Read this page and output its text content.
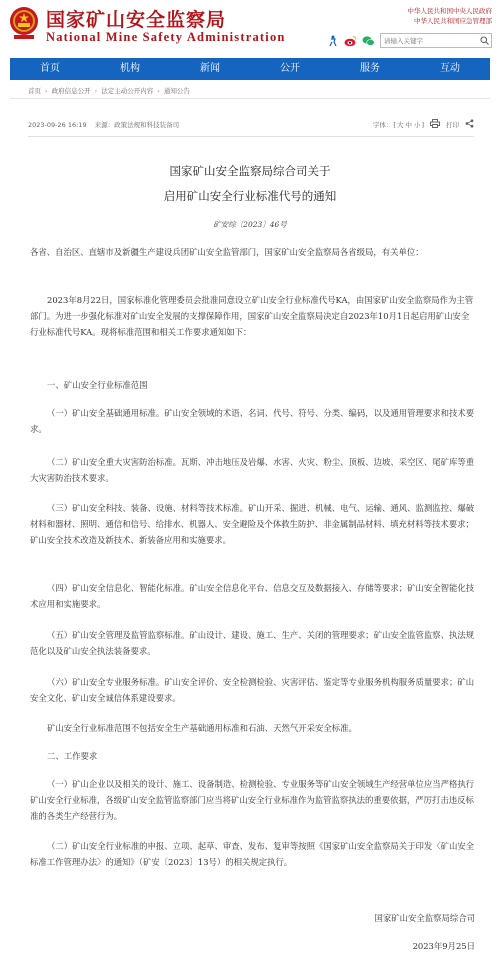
国家矿山安全监察局
National Mine Safety Administration
中华人民共和国中央人民政府
中华人民共和国应急管理部
请输入关键字
首页	机构	新闻	公开	服务	互动
首页 › 政府信息公开 › 法定主动公开内容 › 通知公告
2023-09-26 16:19 来源：政策法规和科技装备司	字体：[大 中 小]	打印
国家矿山安全监察局综合司关于
启用矿山安全行业标准代号的通知
矿安综〔2023〕46号
各省、自治区、直辖市及新疆生产建设兵团矿山安全监管部门，国家矿山安全监察局各省级局，有关单位：
2023年8月22日，国家标准化管理委员会批准同意设立矿山安全行业标准代号KA，由国家矿山安全监察局作为主管部门。为进一步强化标准对矿山安全发展的支撑保障作用，国家矿山安全监察局决定自2023年10月1日起启用矿山安全行业标准代号KA。现将标准范围和相关工作要求通知如下：
一、矿山安全行业标准范围
（一）矿山安全基础通用标准。矿山安全领域的术语、名词、代号、符号、分类、编码，以及通用管理要求和技术要求。
（二）矿山安全重大灾害防治标准。瓦斯、冲击地压及岩爆、水害、火灾、粉尘、顶板、边坡、采空区、尾矿库等重大灾害防治技术要求。
（三）矿山安全科技、装备、设施、材料等技术标准。矿山开采、掘进、机械、电气、运输、通风、监测监控、爆破材料和器材、照明、通信和信号、给排水、机器人、安全避险及个体救生防护、非金属制品材料、填充材料等技术要求；矿山安全技术改造及新技术、新装备应用和实施要求。
（四）矿山安全信息化、智能化标准。矿山安全信息化平台、信息交互及数据接入、存储等要求；矿山安全智能化技术应用和实施要求。
（五）矿山安全管理及监管监察标准。矿山设计、建设、施工、生产、关闭的管理要求；矿山安全监管监察、执法规范化以及矿山安全执法装备要求。
（六）矿山安全专业服务标准。矿山安全评价、安全检测检验、灾害评估、鉴定等专业服务机构服务质量要求；矿山安全文化、矿山安全诚信体系建设要求。
矿山安全行业标准范围不包括安全生产基础通用标准和石油、天然气开采安全标准。
二、工作要求
（一）矿山企业以及相关的设计、施工、设备制造、检测检验、专业服务等矿山安全领域生产经营单位应当严格执行矿山安全行业标准，各级矿山安全监管监察部门应当将矿山安全行业标准作为监管监察执法的重要依据，严厉打击违反标准的各类生产经营行为。
（二）矿山安全行业标准的申报、立项、起草、审查、发布、复审等按照《国家矿山安全监察局关于印发〈矿山安全标准工作管理办法〉的通知》（矿安〔2023〕13号）的相关规定执行。
国家矿山安全监察局综合司
2023年9月25日
